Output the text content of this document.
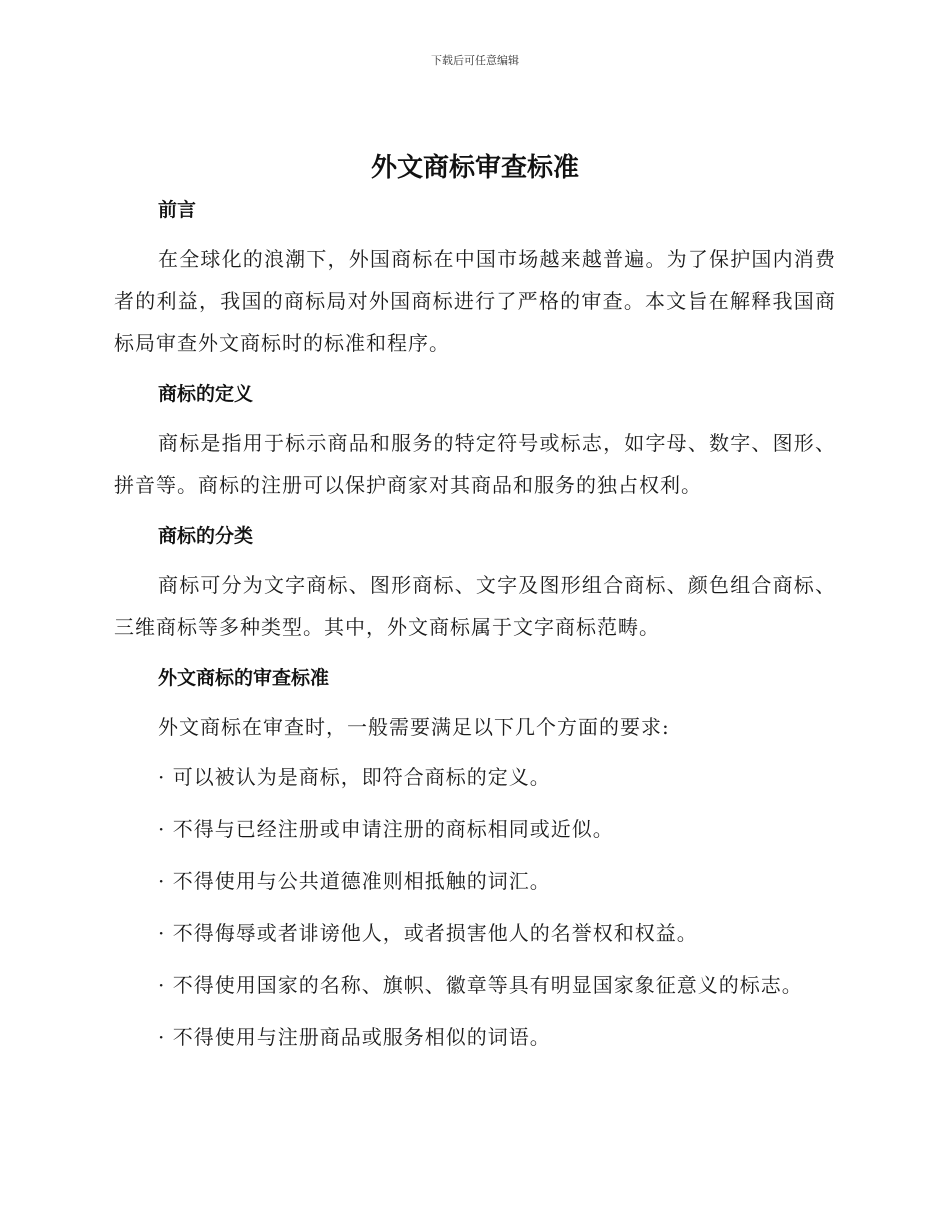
下载后可任意编辑
外文商标审查标准
前言

在全球化的浪潮下，外国商标在中国市场越来越普遍。为了保护国内消费者的利益，我国的商标局对外国商标进行了严格的审查。本文旨在解释我国商标局审查外文商标时的标准和程序。

商标的定义

商标是指用于标示商品和服务的特定符号或标志，如字母、数字、图形、拼音等。商标的注册可以保护商家对其商品和服务的独占权利。

商标的分类

商标可分为文字商标、图形商标、文字及图形组合商标、颜色组合商标、三维商标等多种类型。其中，外文商标属于文字商标范畴。

外文商标的审查标准

外文商标在审查时，一般需要满足以下几个方面的要求:

· 可以被认为是商标，即符合商标的定义。

· 不得与已经注册或申请注册的商标相同或近似。

· 不得使用与公共道德准则相抵触的词汇。

· 不得侮辱或者诽谤他人，或者损害他人的名誉权和权益。

· 不得使用国家的名称、旗帜、徽章等具有明显国家象征意义的标志。

· 不得使用与注册商品或服务相似的词语。
